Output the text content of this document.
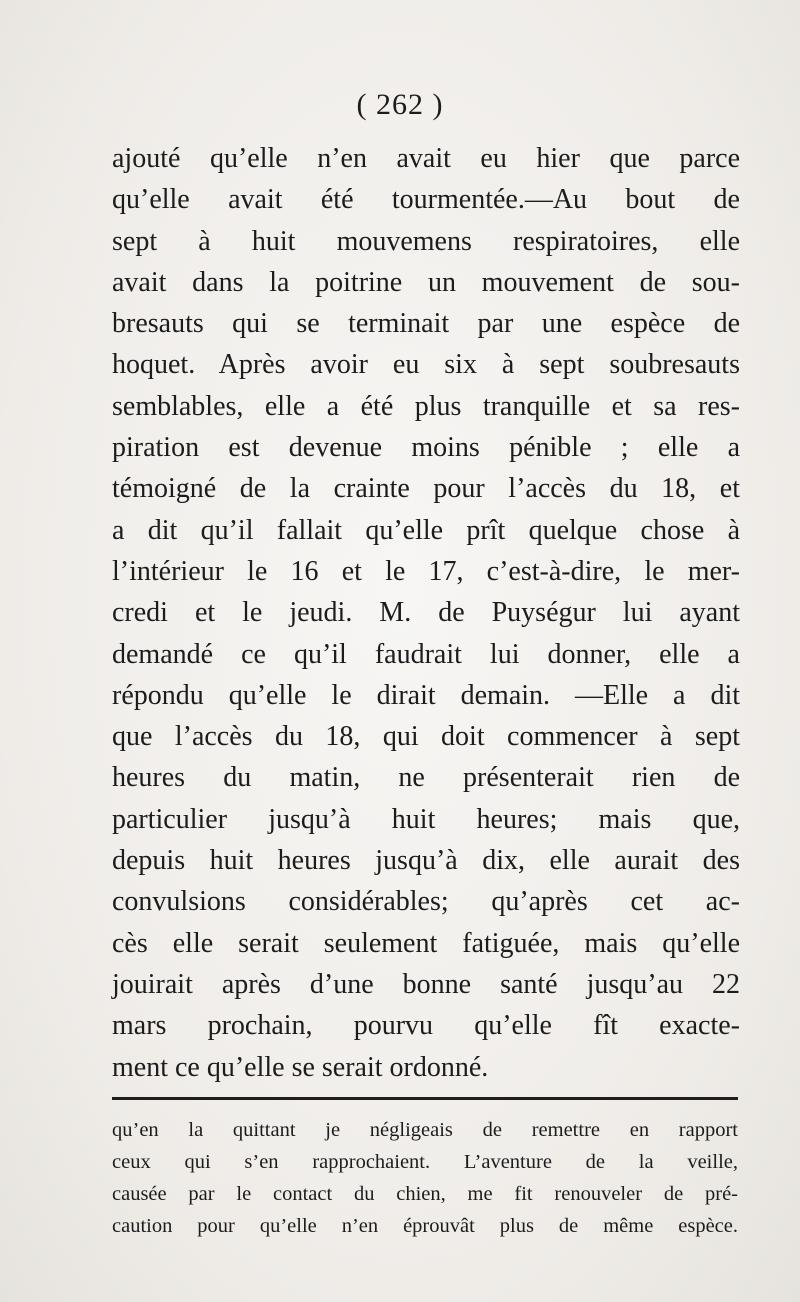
( 262 )
ajouté qu’elle n’en avait eu hier que parce
qu’elle avait été tourmentée.—Au bout de
sept à huit mouvemens respiratoires, elle
avait dans la poitrine un mouvement de sou-
bresauts qui se terminait par une espèce de
hoquet. Après avoir eu six à sept soubresauts
semblables, elle a été plus tranquille et sa res-
piration est devenue moins pénible ; elle a
témoigné de la crainte pour l’accès du 18, et
a dit qu’il fallait qu’elle prît quelque chose à
l’intérieur le 16 et le 17, c’est-à-dire, le mer-
credi et le jeudi. M. de Puységur lui ayant
demandé ce qu’il faudrait lui donner, elle a
répondu qu’elle le dirait demain. —Elle a dit
que l’accès du 18, qui doit commencer à sept
heures du matin, ne présenterait rien de
particulier jusqu’à huit heures; mais que,
depuis huit heures jusqu’à dix, elle aurait des
convulsions considérables; qu’après cet ac-
cès elle serait seulement fatiguée, mais qu’elle
jouirait après d’une bonne santé jusqu’au 22
mars prochain, pourvu qu’elle fît exacte-
ment ce qu’elle se serait ordonné.
qu’en la quittant je négligeais de remettre en rapport
ceux qui s’en rapprochaient. L’aventure de la veille,
causée par le contact du chien, me fit renouveler de pré-
caution pour qu’elle n’en éprouvât plus de même espèce.
